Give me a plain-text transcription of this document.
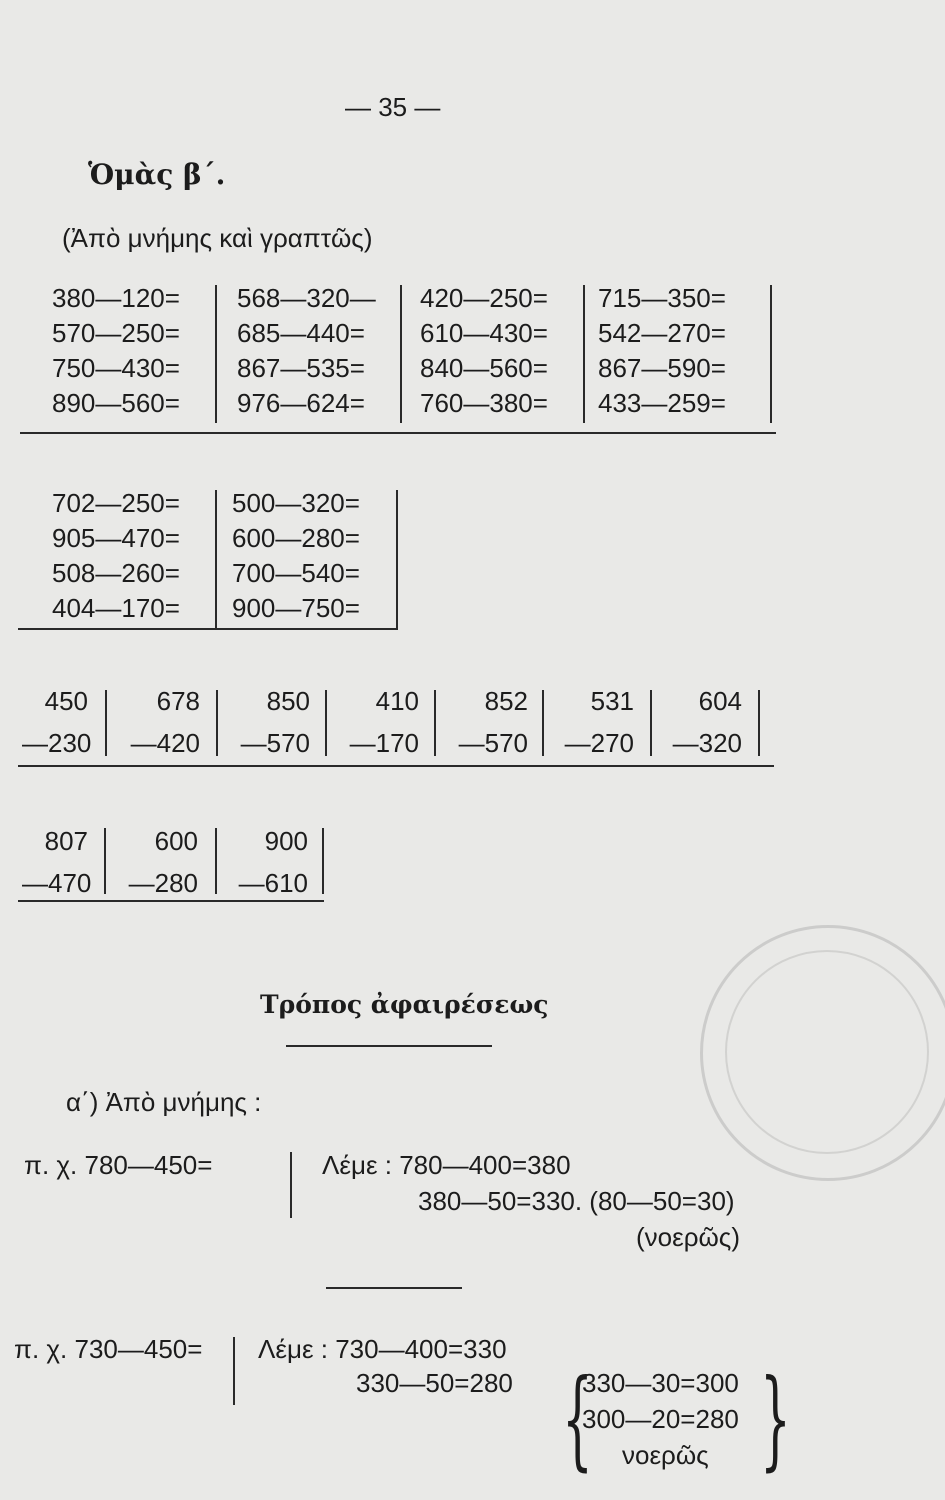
— 35 —
Ὁμὰς β΄.
(Ἀπὸ μνήμης καὶ γραπτῶς)
380—120=
570—250=
750—430=
890—560=
568—320—
685—440=
867—535=
976—624=
420—250=
610—430=
840—560=
760—380=
715—350=
542—270=
867—590=
433—259=
702—250=
905—470=
508—260=
404—170=
500—320=
600—280=
700—540=
900—750=
450
—230
678
—420
850
—570
410
—170
852
—570
531
—270
604
—320
807
—470
600
—280
900
—610
Τρόπος ἀφαιρέσεως
α΄) Ἀπὸ μνήμης :
π. χ. 780—450=	Λέμε : 780—400=380
380—50=330. (80—50=30)
(νοερῶς)
π. χ. 730—450= Λέμε : 730—400=330
330—50=280 {
330—30=300
300—20=280
νοερῶς }
